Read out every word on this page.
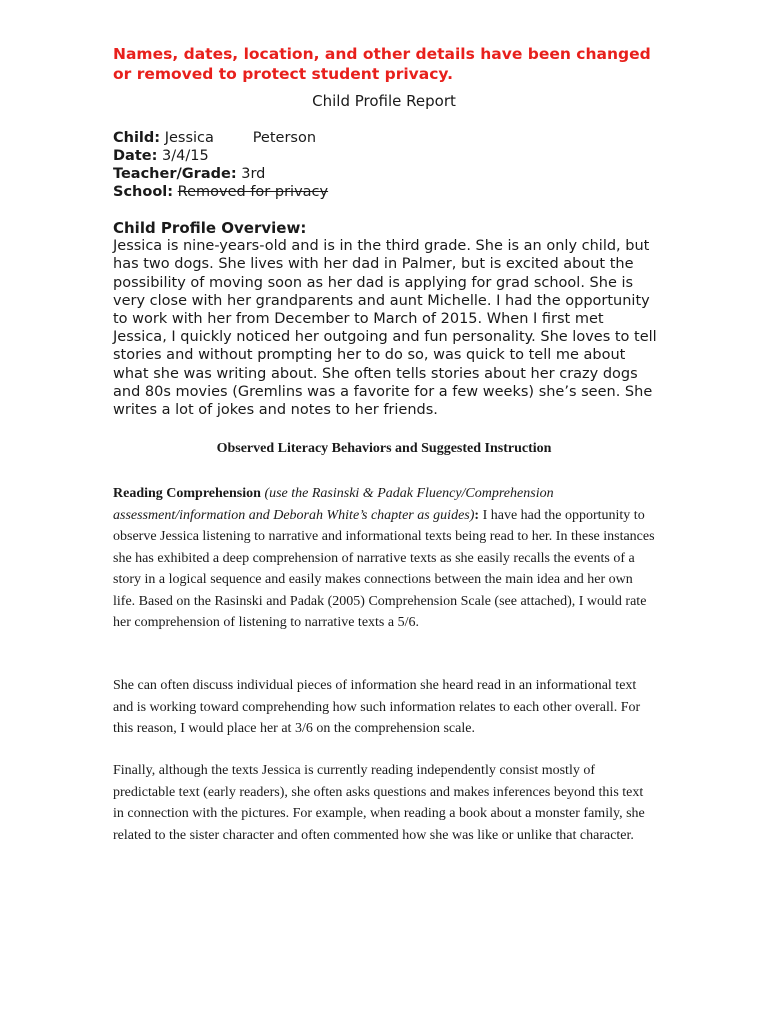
Names, dates, location, and other details have been changed or removed to protect student privacy.
Child Profile Report
Child: Jessica	Peterson
Date: 3/4/15
Teacher/Grade: 3rd
School: Removed for privacy
Child Profile Overview:

Jessica is nine-years-old and is in the third grade. She is an only child, but has two dogs. She lives with her dad in Palmer, but is excited about the possibility of moving soon as her dad is applying for grad school. She is very close with her grandparents and aunt Michelle. I had the opportunity to work with her from December to March of 2015. When I first met Jessica, I quickly noticed her outgoing and fun personality. She loves to tell stories and without prompting her to do so, was quick to tell me about what she was writing about. She often tells stories about her crazy dogs and 80s movies (Gremlins was a favorite for a few weeks) she’s seen. She writes a lot of jokes and notes to her friends.

Observed Literacy Behaviors and Suggested Instruction

Reading Comprehension (use the Rasinski & Padak Fluency/Comprehension assessment/information and Deborah White’s chapter as guides): I have had the opportunity to observe Jessica listening to narrative and informational texts being read to her. In these instances she has exhibited a deep comprehension of narrative texts as she easily recalls the events of a story in a logical sequence and easily makes connections between the main idea and her own life. Based on the Rasinski and Padak (2005) Comprehension Scale (see attached), I would rate her comprehension of listening to narrative texts a 5/6.

She can often discuss individual pieces of information she heard read in an informational text and is working toward comprehending how such information relates to each other overall. For this reason, I would place her at 3/6 on the comprehension scale.

Finally, although the texts Jessica is currently reading independently consist mostly of predictable text (early readers), she often asks questions and makes inferences beyond this text in connection with the pictures. For example, when reading a book about a monster family, she related to the sister character and often commented how she was like or unlike that character.
